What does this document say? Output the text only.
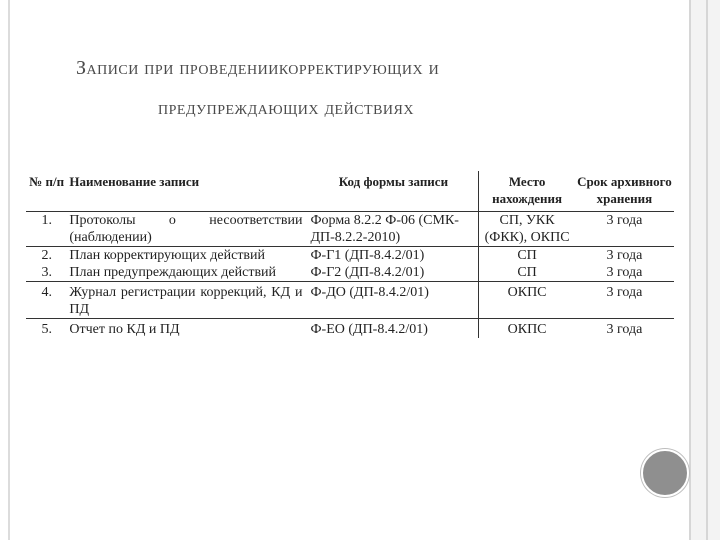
Записи при проведениикорректирующих и
предупреждающих действиях
№ п/п	Наименование записи	Код формы записи	Место нахождения	Срок архивного хранения
1.	Протоколы о несоответствии (наблюдении)	Форма 8.2.2 Ф-06 (СМК-ДП-8.2.2-2010)	СП, УКК (ФКК), ОКПС	3 года
2.	План корректирующих действий	Ф-Г1 (ДП-8.4.2/01)	СП	3 года
3.	План предупреждающих действий	Ф-Г2 (ДП-8.4.2/01)	СП	3 года
4.	Журнал регистрации коррекций, КД и ПД	Ф-ДО (ДП-8.4.2/01)	ОКПС	3 года
5.	Отчет по КД и ПД	Ф-ЕО (ДП-8.4.2/01)	ОКПС	3 года
